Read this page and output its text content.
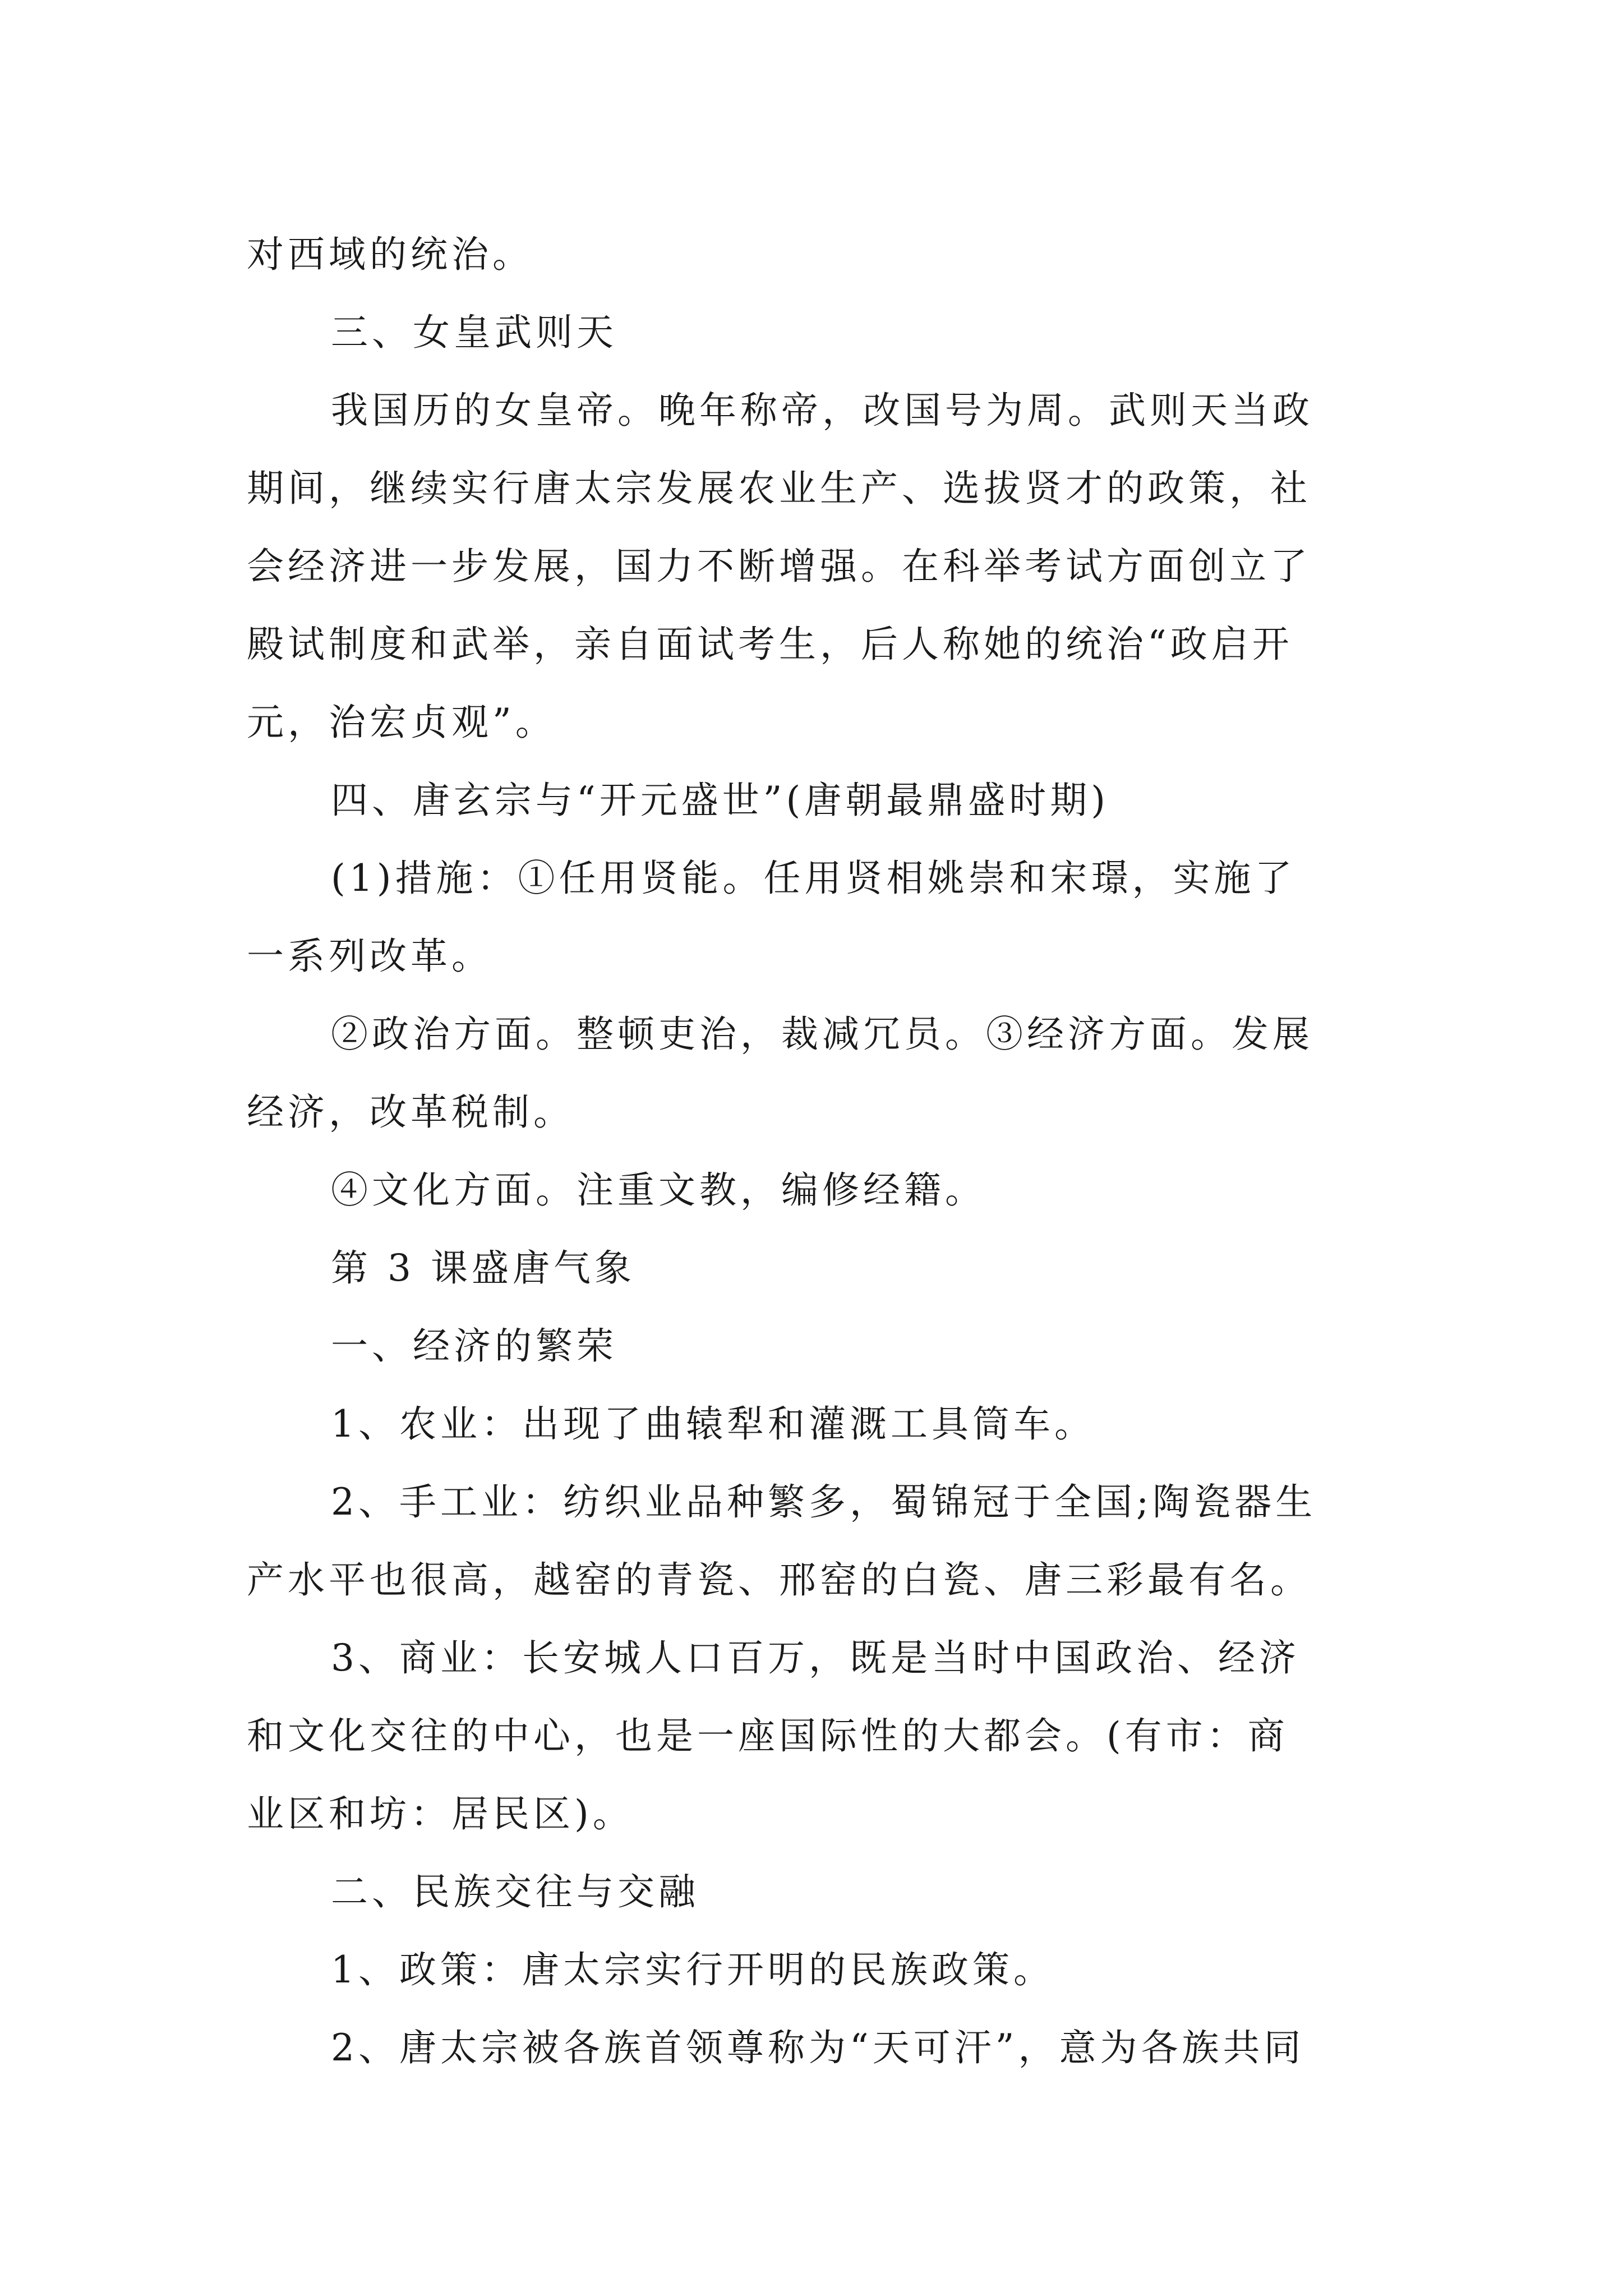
对西域的统治。
三、女皇武则天
我国历的女皇帝。晚年称帝，改国号为周。武则天当政
期间，继续实行唐太宗发展农业生产、选拔贤才的政策，社
会经济进一步发展，国力不断增强。在科举考试方面创立了
殿试制度和武举，亲自面试考生，后人称她的统治“政启开
元，治宏贞观”。
四、唐玄宗与“开元盛世”(唐朝最鼎盛时期)
(1)措施：①任用贤能。任用贤相姚崇和宋璟，实施了
一系列改革。
②政治方面。整顿吏治，裁减冗员。③经济方面。发展
经济，改革税制。
④文化方面。注重文教，编修经籍。
第 3 课盛唐气象
一、经济的繁荣
1、农业：出现了曲辕犁和灌溉工具筒车。
2、手工业：纺织业品种繁多，蜀锦冠于全国;陶瓷器生
产水平也很高，越窑的青瓷、邢窑的白瓷、唐三彩最有名。
3、商业：长安城人口百万，既是当时中国政治、经济
和文化交往的中心，也是一座国际性的大都会。(有市：商
业区和坊：居民区)。
二、民族交往与交融
1、政策：唐太宗实行开明的民族政策。
2、唐太宗被各族首领尊称为“天可汗”，意为各族共同
